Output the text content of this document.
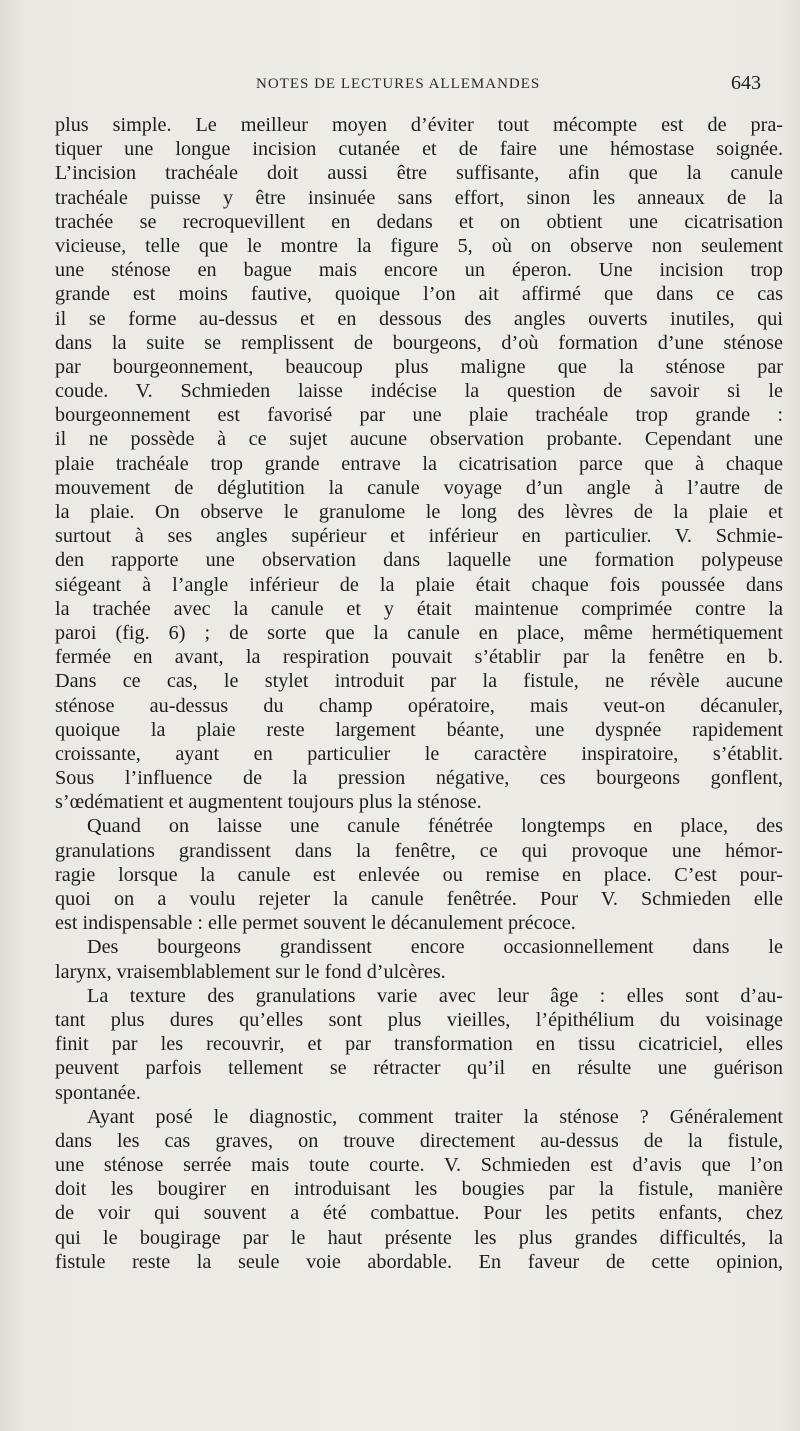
NOTES DE LECTURES ALLEMANDES	643
plus simple. Le meilleur moyen d’éviter tout mécompte est de pra-
tiquer une longue incision cutanée et de faire une hémostase soignée.
L’incision trachéale doit aussi être suffisante, afin que la canule
trachéale puisse y être insinuée sans effort, sinon les anneaux de la
trachée se recroquevillent en dedans et on obtient une cicatrisation
vicieuse, telle que le montre la figure 5, où on observe non seulement
une sténose en bague mais encore un éperon. Une incision trop
grande est moins fautive, quoique l’on ait affirmé que dans ce cas
il se forme au-dessus et en dessous des angles ouverts inutiles, qui
dans la suite se remplissent de bourgeons, d’où formation d’une sténose
par bourgeonnement, beaucoup plus maligne que la sténose par
coude. V. Schmieden laisse indécise la question de savoir si le
bourgeonnement est favorisé par une plaie trachéale trop grande :
il ne possède à ce sujet aucune observation probante. Cependant une
plaie trachéale trop grande entrave la cicatrisation parce que à chaque
mouvement de déglutition la canule voyage d’un angle à l’autre de
la plaie. On observe le granulome le long des lèvres de la plaie et
surtout à ses angles supérieur et inférieur en particulier. V. Schmie-
den rapporte une observation dans laquelle une formation polypeuse
siégeant à l’angle inférieur de la plaie était chaque fois poussée dans
la trachée avec la canule et y était maintenue comprimée contre la
paroi (fig. 6) ; de sorte que la canule en place, même hermétiquement
fermée en avant, la respiration pouvait s’établir par la fenêtre en b.
Dans ce cas, le stylet introduit par la fistule, ne révèle aucune
sténose au-dessus du champ opératoire, mais veut-on décanuler,
quoique la plaie reste largement béante, une dyspnée rapidement
croissante, ayant en particulier le caractère inspiratoire, s’établit.
Sous l’influence de la pression négative, ces bourgeons gonflent,
s’œdématient et augmentent toujours plus la sténose.
Quand on laisse une canule fénétrée longtemps en place, des
granulations grandissent dans la fenêtre, ce qui provoque une hémor-
ragie lorsque la canule est enlevée ou remise en place. C’est pour-
quoi on a voulu rejeter la canule fenêtrée. Pour V. Schmieden elle
est indispensable : elle permet souvent le décanulement précoce.
Des bourgeons grandissent encore occasionnellement dans le
larynx, vraisemblablement sur le fond d’ulcères.
La texture des granulations varie avec leur âge : elles sont d’au-
tant plus dures qu’elles sont plus vieilles, l’épithélium du voisinage
finit par les recouvrir, et par transformation en tissu cicatriciel, elles
peuvent parfois tellement se rétracter qu’il en résulte une guérison
spontanée.
Ayant posé le diagnostic, comment traiter la sténose ? Généralement
dans les cas graves, on trouve directement au-dessus de la fistule,
une sténose serrée mais toute courte. V. Schmieden est d’avis que l’on
doit les bougirer en introduisant les bougies par la fistule, manière
de voir qui souvent a été combattue. Pour les petits enfants, chez
qui le bougirage par le haut présente les plus grandes difficultés, la
fistule reste la seule voie abordable. En faveur de cette opinion,
